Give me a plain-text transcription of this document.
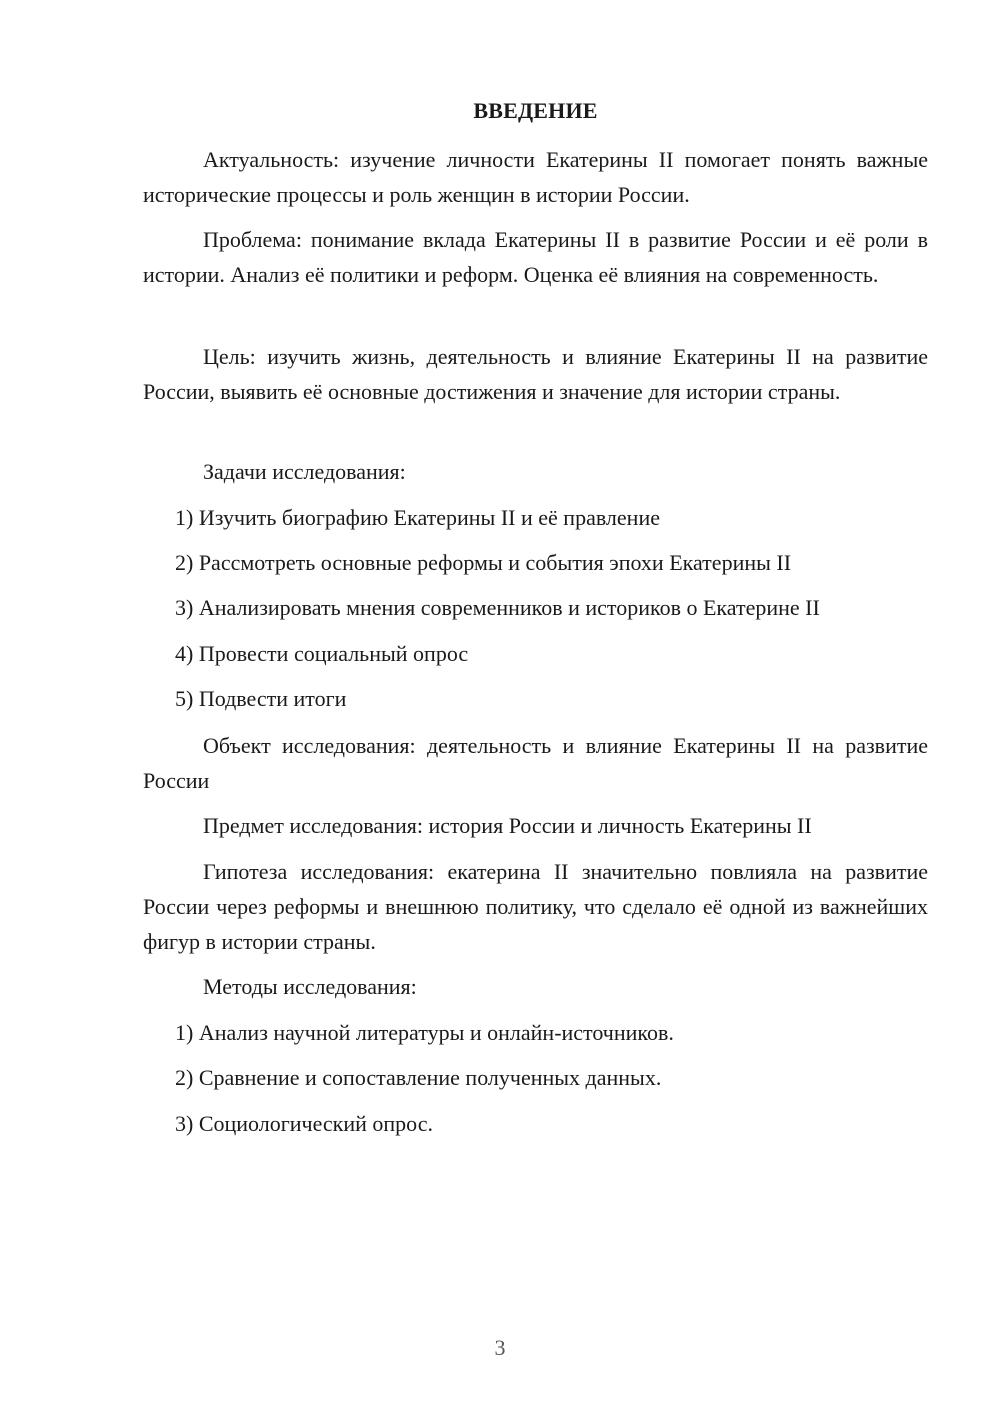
ВВЕДЕНИЕ

Актуальность: изучение личности Екатерины II помогает понять важные исторические процессы и роль женщин в истории России.

Проблема: понимание вклада Екатерины II в развитие России и её роли в истории. Анализ её политики и реформ. Оценка её влияния на современность.

Цель: изучить жизнь, деятельность и влияние Екатерины II на развитие России, выявить её основные достижения и значение для истории страны.

Задачи исследования:

1) Изучить биографию Екатерины II и её правление

2) Рассмотреть основные реформы и события эпохи Екатерины II

3) Анализировать мнения современников и историков о Екатерине II

4) Провести социальный опрос

5) Подвести итоги

Объект исследования: деятельность и влияние Екатерины II на развитие России

Предмет исследования: история России и личность Екатерины II

Гипотеза исследования: екатерина II значительно повлияла на развитие России через реформы и внешнюю политику, что сделало её одной из важнейших фигур в истории страны.

Методы исследования:

1) Анализ научной литературы и онлайн-источников.

2) Сравнение и сопоставление полученных данных.

3) Социологический опрос.

3
